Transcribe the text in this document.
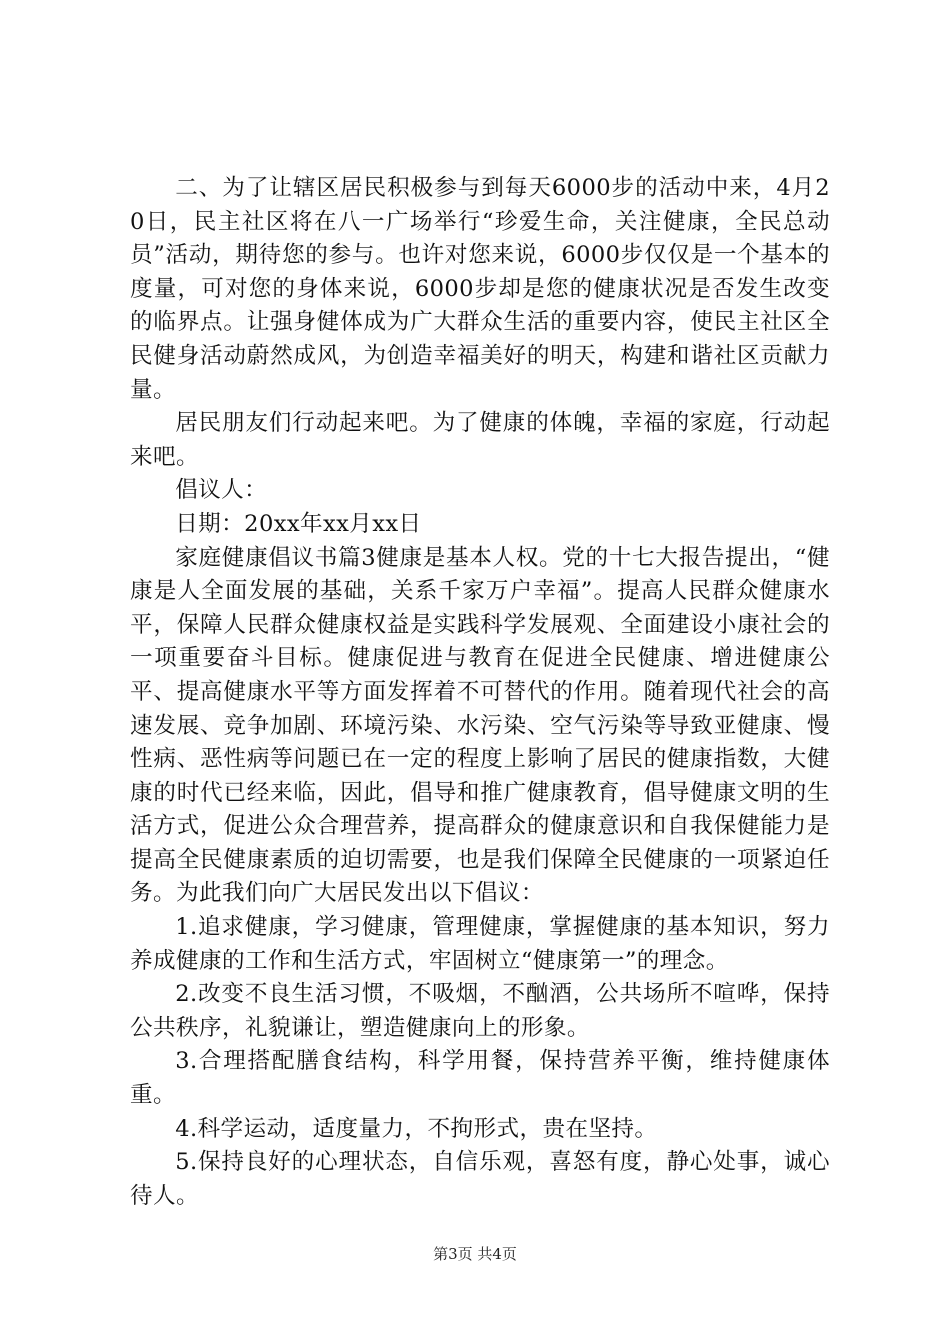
二、为了让辖区居民积极参与到每天6000步的活动中来，4月20日，民主社区将在八一广场举行“珍爱生命，关注健康，全民总动员”活动，期待您的参与。也许对您来说，6000步仅仅是一个基本的度量，可对您的身体来说，6000步却是您的健康状况是否发生改变的临界点。让强身健体成为广大群众生活的重要内容，使民主社区全民健身活动蔚然成风，为创造幸福美好的明天，构建和谐社区贡献力量。

居民朋友们行动起来吧。为了健康的体魄，幸福的家庭，行动起来吧。

倡议人：

日期：20xx年xx月xx日

家庭健康倡议书篇3健康是基本人权。党的十七大报告提出，“健康是人全面发展的基础，关系千家万户幸福”。提高人民群众健康水平，保障人民群众健康权益是实践科学发展观、全面建设小康社会的一项重要奋斗目标。健康促进与教育在促进全民健康、增进健康公平、提高健康水平等方面发挥着不可替代的作用。随着现代社会的高速发展、竞争加剧、环境污染、水污染、空气污染等导致亚健康、慢性病、恶性病等问题已在一定的程度上影响了居民的健康指数，大健康的时代已经来临，因此，倡导和推广健康教育，倡导健康文明的生活方式，促进公众合理营养，提高群众的健康意识和自我保健能力是提高全民健康素质的迫切需要，也是我们保障全民健康的一项紧迫任务。为此我们向广大居民发出以下倡议：

1.追求健康，学习健康，管理健康，掌握健康的基本知识，努力养成健康的工作和生活方式，牢固树立“健康第一”的理念。

2.改变不良生活习惯，不吸烟，不酗酒，公共场所不喧哗，保持公共秩序，礼貌谦让，塑造健康向上的形象。

3.合理搭配膳食结构，科学用餐，保持营养平衡，维持健康体重。

4.科学运动，适度量力，不拘形式，贵在坚持。

5.保持良好的心理状态，自信乐观，喜怒有度，静心处事，诚心待人。

第3页 共4页
